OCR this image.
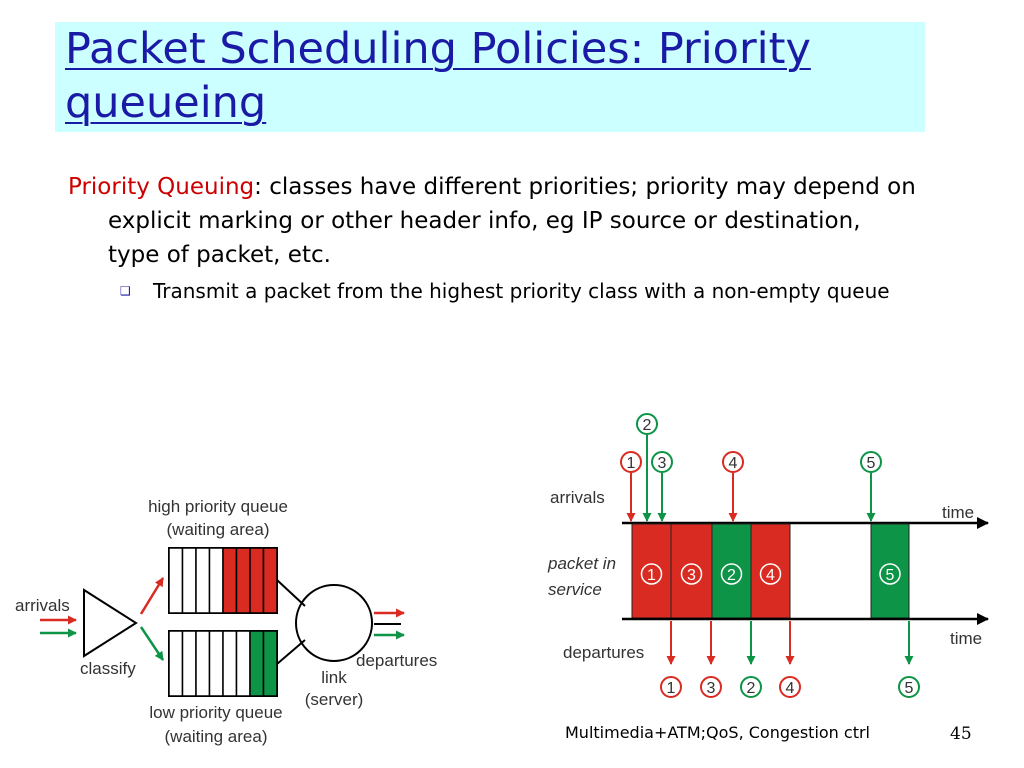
Packet Scheduling Policies: Priority queueing

Priority Queuing: classes have different priorities; priority may depend on explicit marking or other header info, eg IP source or destination, type of packet, etc.

❑	Transmit a packet from the highest priority class with a non-empty queue
high priority queue
(waiting area)
low priority queue
(waiting area)
arrivals
classify	link
(server)
departures
arrivals
time
packet in
service
1 3 2 4	5
time
departures
1
2
3	4	5
1 3 2 4	5
Multimedia+ATM;QoS, Congestion ctrl	45
